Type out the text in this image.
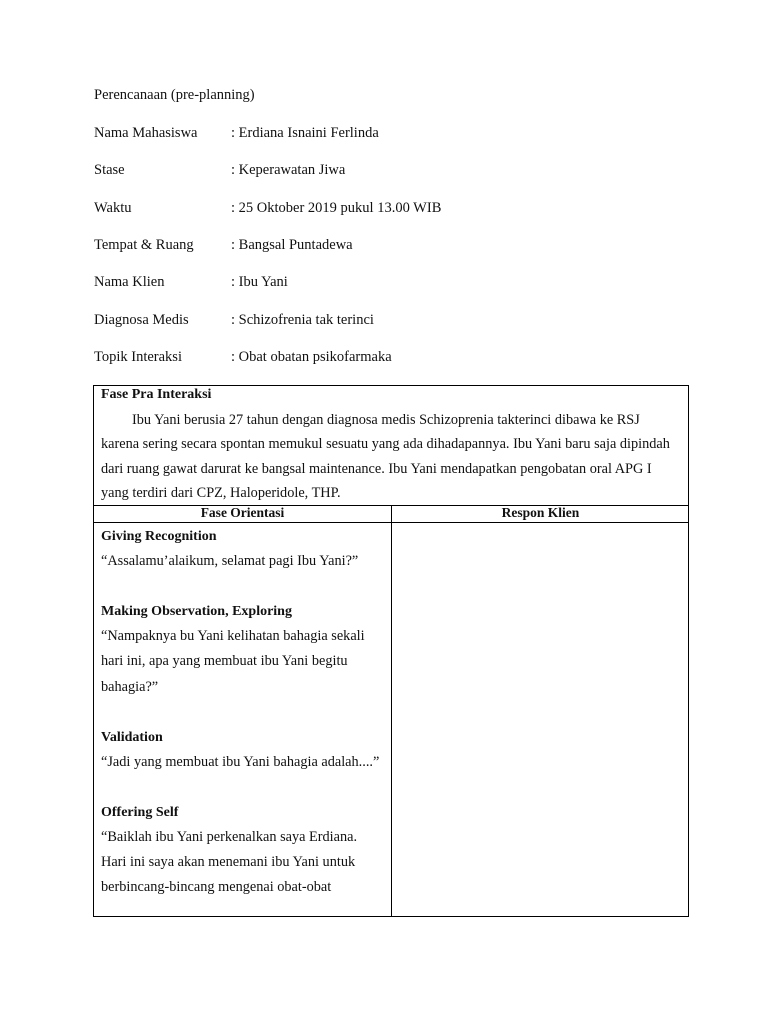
Perencanaan (pre-planning)
Nama Mahasiswa : Erdiana Isnaini Ferlinda
Stase	: Keperawatan Jiwa
Waktu	: 25 Oktober 2019 pukul 13.00 WIB
Tempat & Ruang	: Bangsal Puntadewa
Nama Klien	: Ibu Yani
Diagnosa Medis	: Schizofrenia tak terinci
Topik Interaksi	: Obat obatan psikofarmaka
Fase Pra Interaksi

Ibu Yani berusia 27 tahun dengan diagnosa medis Schizoprenia takterinci dibawa ke RSJ karena sering secara spontan memukul sesuatu yang ada dihadapannya. Ibu Yani baru saja dipindah dari ruang gawat darurat ke bangsal maintenance. Ibu Yani mendapatkan pengobatan oral APG I yang terdiri dari CPZ, Haloperidole, THP.

Fase Orientasi	Respon Klien
Giving Recognition

“Assalamu’alaikum, selamat pagi Ibu Yani?”

Making Observation, Exploring

“Nampaknya bu Yani kelihatan bahagia sekali hari ini, apa yang membuat ibu Yani begitu bahagia?”

Validation

“Jadi yang membuat ibu Yani bahagia adalah....”

Offering Self

“Baiklah ibu Yani perkenalkan saya Erdiana. Hari ini saya akan menemani ibu Yani untuk berbincang-bincang mengenai obat-obat
